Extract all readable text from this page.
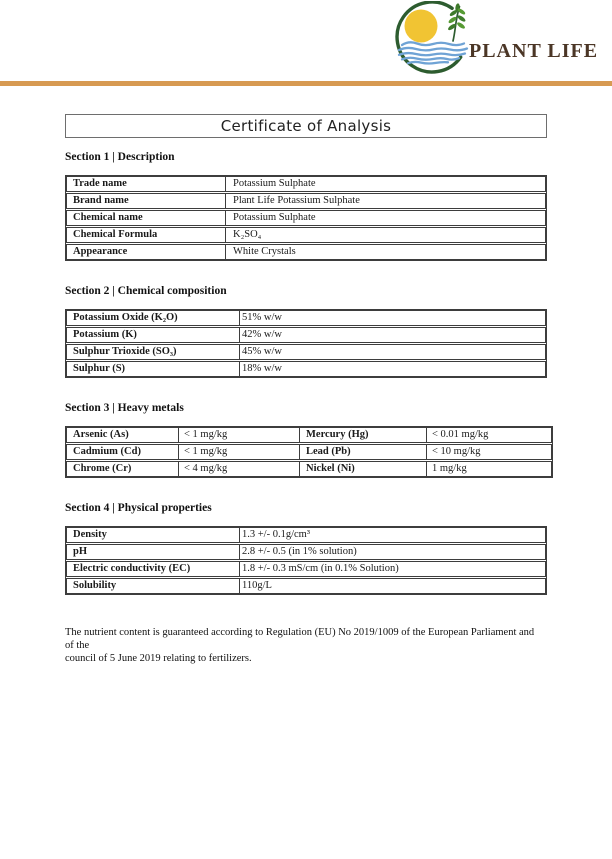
PLANT LIFE
Certificate of Analysis
Section 1 | Description
Trade name	Potassium Sulphate
Brand name	Plant Life Potassium Sulphate
Chemical name	Potassium Sulphate
Chemical Formula	K₂SO₄
Appearance	White Crystals
Section 2 | Chemical composition
Potassium Oxide (K₂O)	51% w/w
Potassium (K)	42% w/w
Sulphur Trioxide (SO₃)	45% w/w
Sulphur (S)	18% w/w
Section 3 | Heavy metals
Arsenic (As)	< 1 mg/kg	Mercury (Hg)	< 0.01 mg/kg
Cadmium (Cd)	< 1 mg/kg	Lead (Pb)	< 10 mg/kg
Chrome (Cr)	< 4 mg/kg	Nickel (Ni)	1 mg/kg
Section 4 | Physical properties
Density	1.3 +/- 0.1g/cm³
pH	2.8 +/- 0.5 (in 1% solution)
Electric conductivity (EC)	1.8 +/- 0.3 mS/cm (in 0.1% Solution)
Solubility	110g/L
The nutrient content is guaranteed according to Regulation (EU) No 2019/1009 of the European Parliament and of the
council of 5 June 2019 relating to fertilizers.
